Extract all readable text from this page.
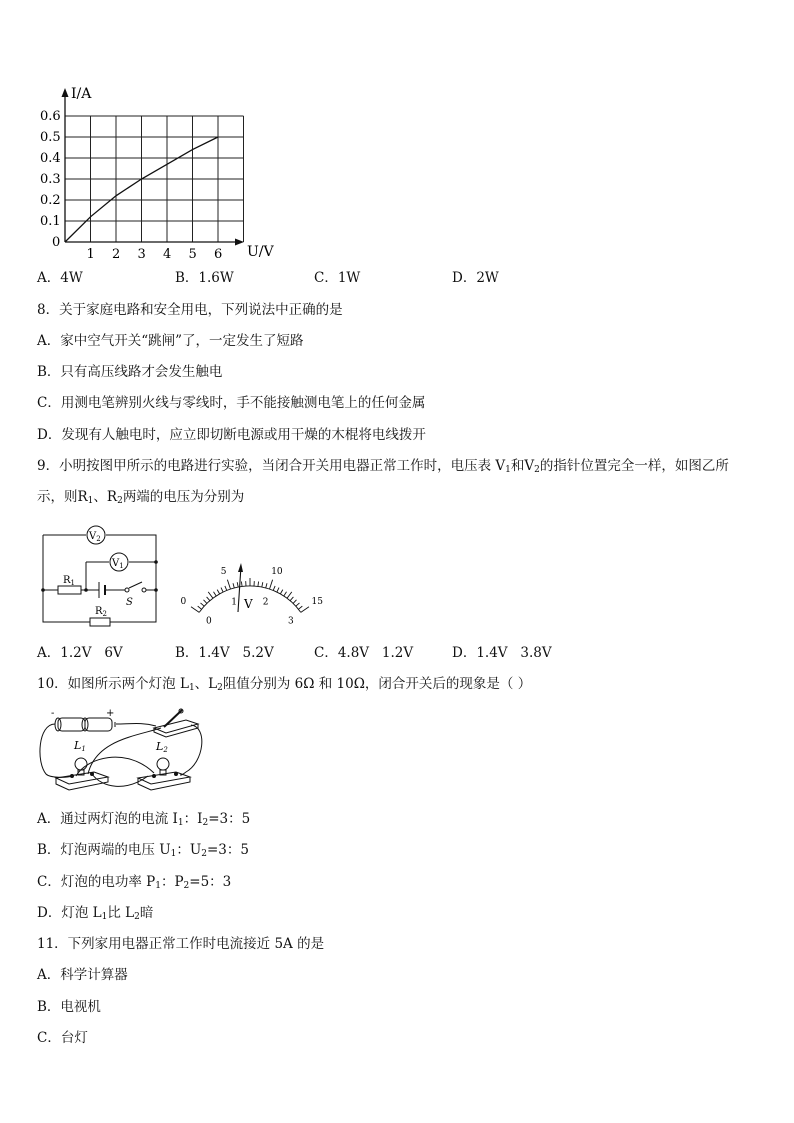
I/A
U/V
0
0.1
0.2
0.3
0.4
0.5
0.6
1 2 3 4 5 6
A．4W	B．1.6W	C．1W	D．2W
8．关于家庭电路和安全用电，下列说法中正确的是
A．家中空气开关“跳闸”了，一定发生了短路
B．只有高压线路才会发生触电
C．用测电笔辨别火线与零线时，手不能接触测电笔上的任何金属
D．发现有人触电时，应立即切断电源或用干燥的木棍将电线拨开
9．小明按图甲所示的电路进行实验，当闭合开关用电器正常工作时，电压表 $V_1$和$V_2$的指针位置完全一样，如图乙所
示，则$R_1$、$R_2$两端的电压为分别为
$V_2$
$V_1$
$R_1$
$R_2$
S	0
5	10
15
0
1	2
3
V
A．1.2V   6V	B．1.4V   5.2V	C．4.8V   1.2V	D．1.4V   3.8V
10．如图所示两个灯泡 $L_1$、$L_2$阻值分别为 6Ω 和 10Ω，闭合开关后的现象是（ ）
-	+
L1	L2
A．通过两灯泡的电流 $I_1$：$I_2=3$：5
B．灯泡两端的电压 $U_1$：$U_2=3$：5
C．灯泡的电功率 $P_1$：$P_2=5$：3
D．灯泡 $L_1$比 $L_2$暗
11．下列家用电器正常工作时电流接近 5A 的是
A．科学计算器
B．电视机
C．台灯
